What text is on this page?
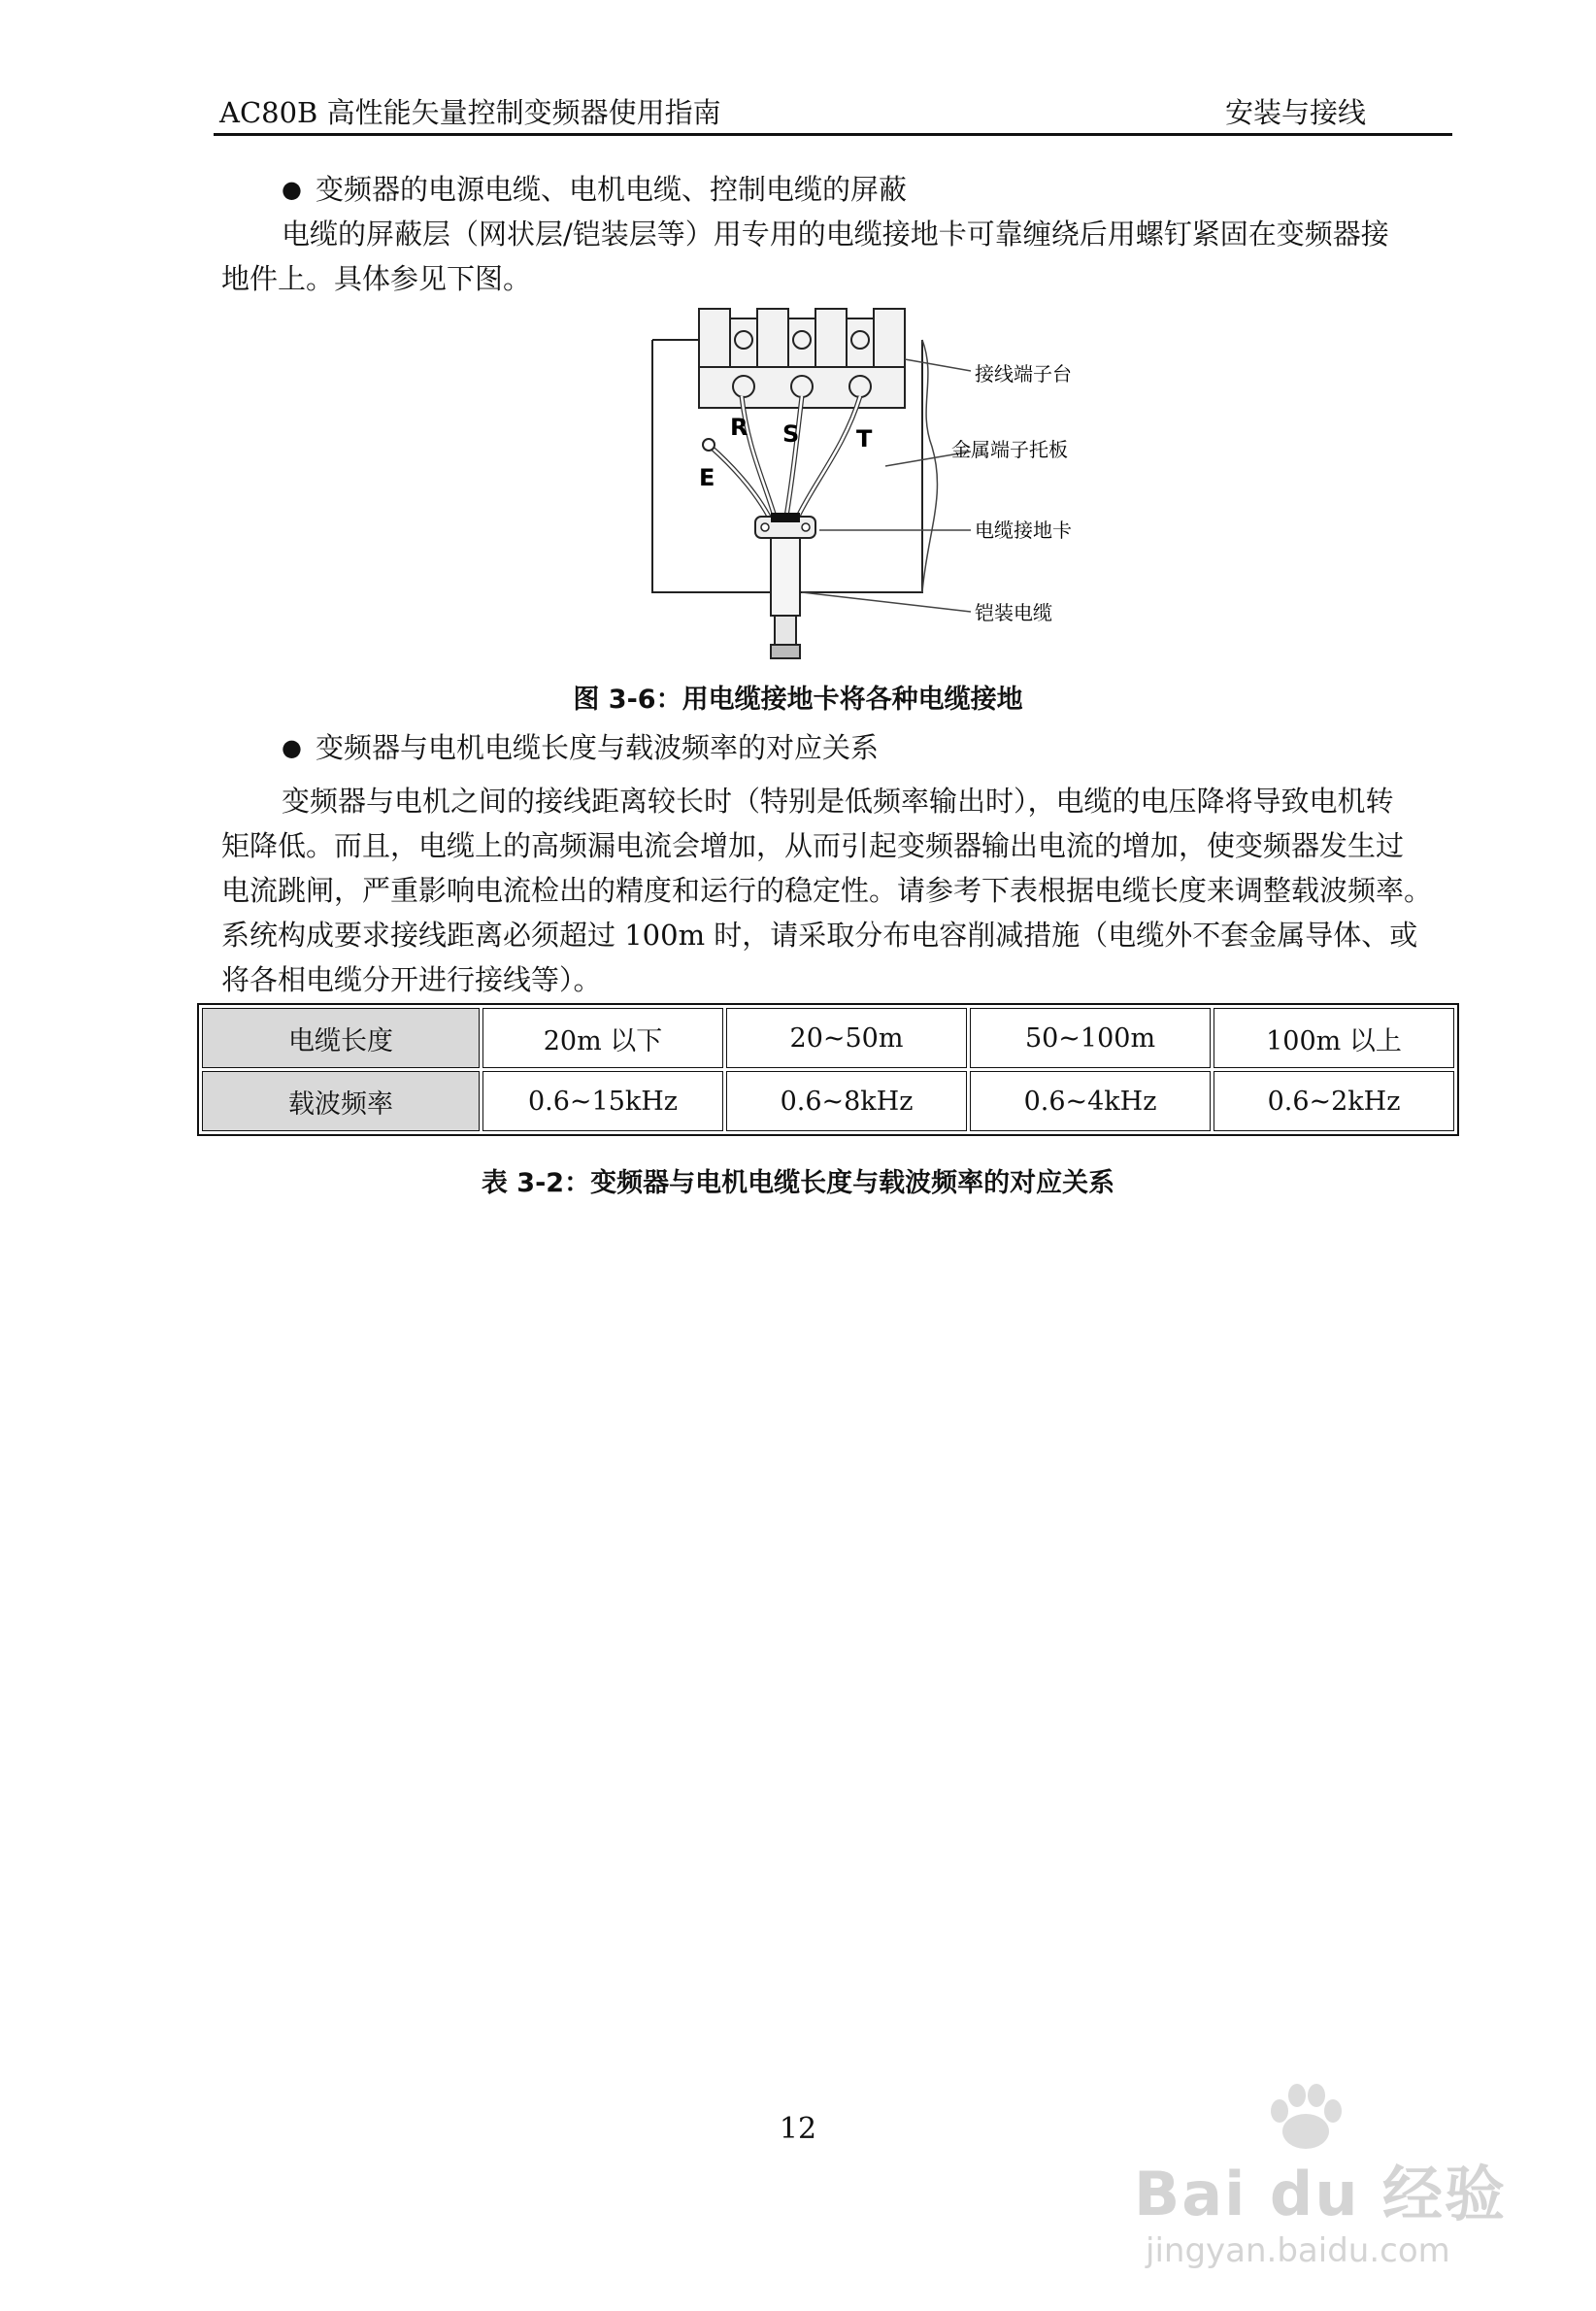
AC80B 高性能矢量控制变频器使用指南	安装与接线
● 变频器的电源电缆、电机电缆、控制电缆的屏蔽
电缆的屏蔽层（网状层/铠装层等）用专用的电缆接地卡可靠缠绕后用螺钉紧固在变频器接
地件上。具体参见下图。
R S T
E
接线端子台
金属端子托板
电缆接地卡
铠装电缆
图 3-6：用电缆接地卡将各种电缆接地
● 变频器与电机电缆长度与载波频率的对应关系
变频器与电机之间的接线距离较长时（特别是低频率输出时），电缆的电压降将导致电机转
矩降低。而且，电缆上的高频漏电流会增加，从而引起变频器输出电流的增加，使变频器发生过
电流跳闸，严重影响电流检出的精度和运行的稳定性。请参考下表根据电缆长度来调整载波频率。
系统构成要求接线距离必须超过 100m 时，请采取分布电容削减措施（电缆外不套金属导体、或
将各相电缆分开进行接线等）。
电缆长度	20m 以下	20~50m	50~100m	100m 以上
载波频率	0.6~15kHz	0.6~8kHz	0.6~4kHz	0.6~2kHz
表 3-2：变频器与电机电缆长度与载波频率的对应关系
12
Bai du 经验
jingyan.baidu.com
